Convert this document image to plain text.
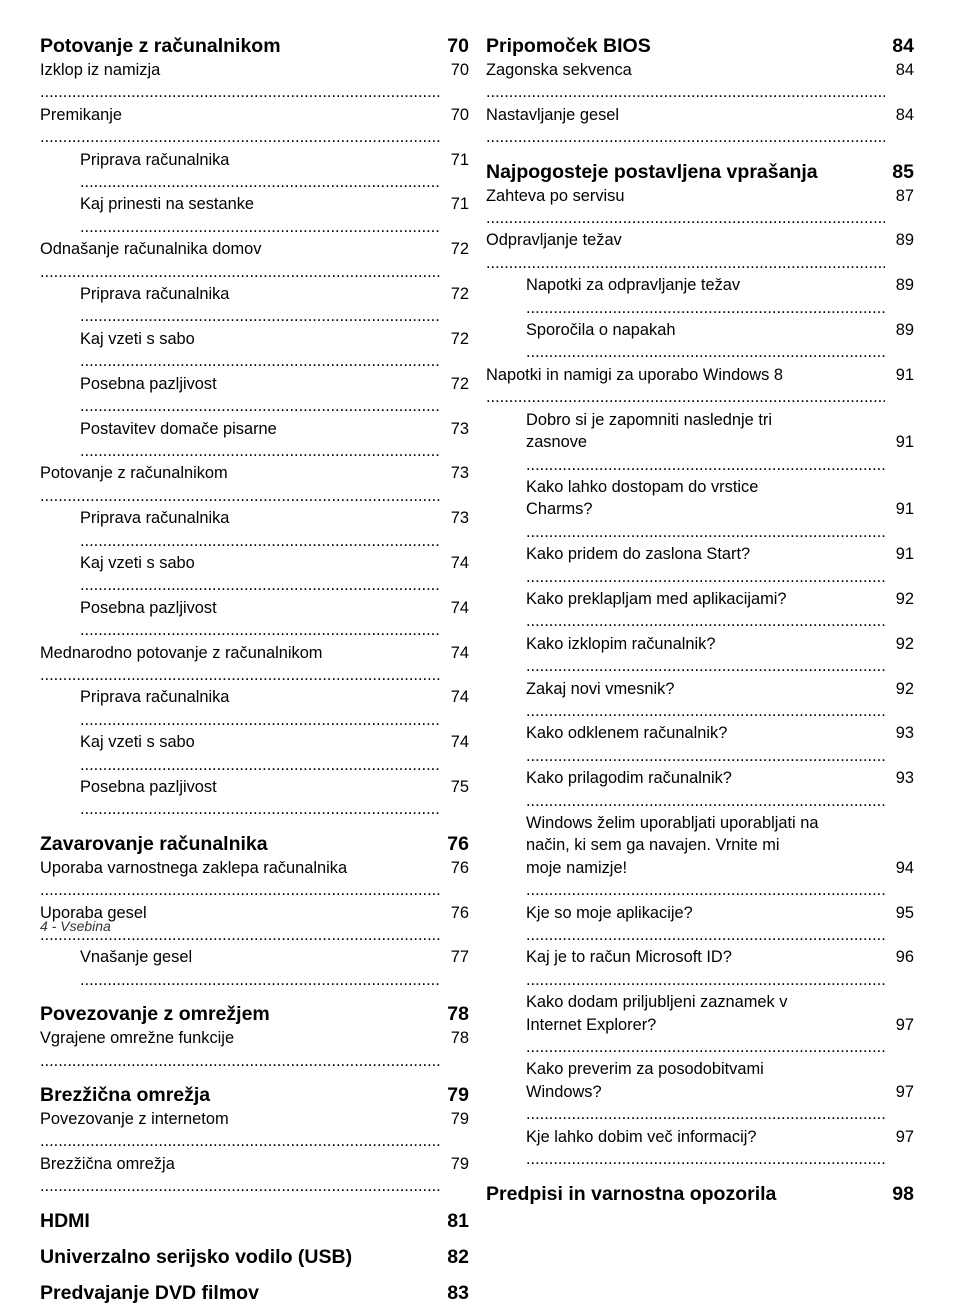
Potovanje z računalnikom	70
Izklop iz namizja .....	70
Premikanje .....	70
Priprava računalnika .....	71
Kaj prinesti na sestanke .....	71
Odnašanje računalnika domov .....	72
Priprava računalnika .....	72
Kaj vzeti s sabo .....	72
Posebna pazljivost .....	72
Postavitev domače pisarne .....	73
Potovanje z računalnikom .....	73
Priprava računalnika .....	73
Kaj vzeti s sabo .....	74
Posebna pazljivost .....	74
Mednarodno potovanje z računalnikom .....	74
Priprava računalnika .....	74
Kaj vzeti s sabo .....	74
Posebna pazljivost .....	75
Zavarovanje računalnika	76
Uporaba varnostnega zaklepa računalnika .....	76
Uporaba gesel .....	76
Vnašanje gesel .....	77
Povezovanje z omrežjem	78
Vgrajene omrežne funkcije .....	78
Brezžična omrežja	79
Povezovanje z internetom .....	79
Brezžična omrežja .....	79
HDMI	81
Univerzalno serijsko vodilo (USB)	82
Predvajanje DVD filmov	83
Pripomoček BIOS	84
Zagonska sekvenca .....	84
Nastavljanje gesel .....	84
Najpogosteje postavljena vprašanja	85
Zahteva po servisu .....	87
Odpravljanje težav .....	89
Napotki za odpravljanje težav .....	89
Sporočila o napakah .....	89
Napotki in namigi za uporabo Windows 8 .....	91
Dobro si je zapomniti naslednje tri
zasnove .....	91
Kako lahko dostopam do vrstice
Charms? .....	91
Kako pridem do zaslona Start? .....	91
Kako preklapljam med aplikacijami? .....	92
Kako izklopim računalnik? .....	92
Zakaj novi vmesnik? .....	92
Kako odklenem računalnik? .....	93
Kako prilagodim računalnik? .....	93
Windows želim uporabljati uporabljati na
način, ki sem ga navajen. Vrnite mi
moje namizje! .....	94
Kje so moje aplikacije? .....	95
Kaj je to račun Microsoft ID? .....	96
Kako dodam priljubljeni zaznamek v
Internet Explorer? .....	97
Kako preverim za posodobitvami
Windows? .....	97
Kje lahko dobim več informacij? .....	97
Predpisi in varnostna opozorila	98
4 - Vsebina
